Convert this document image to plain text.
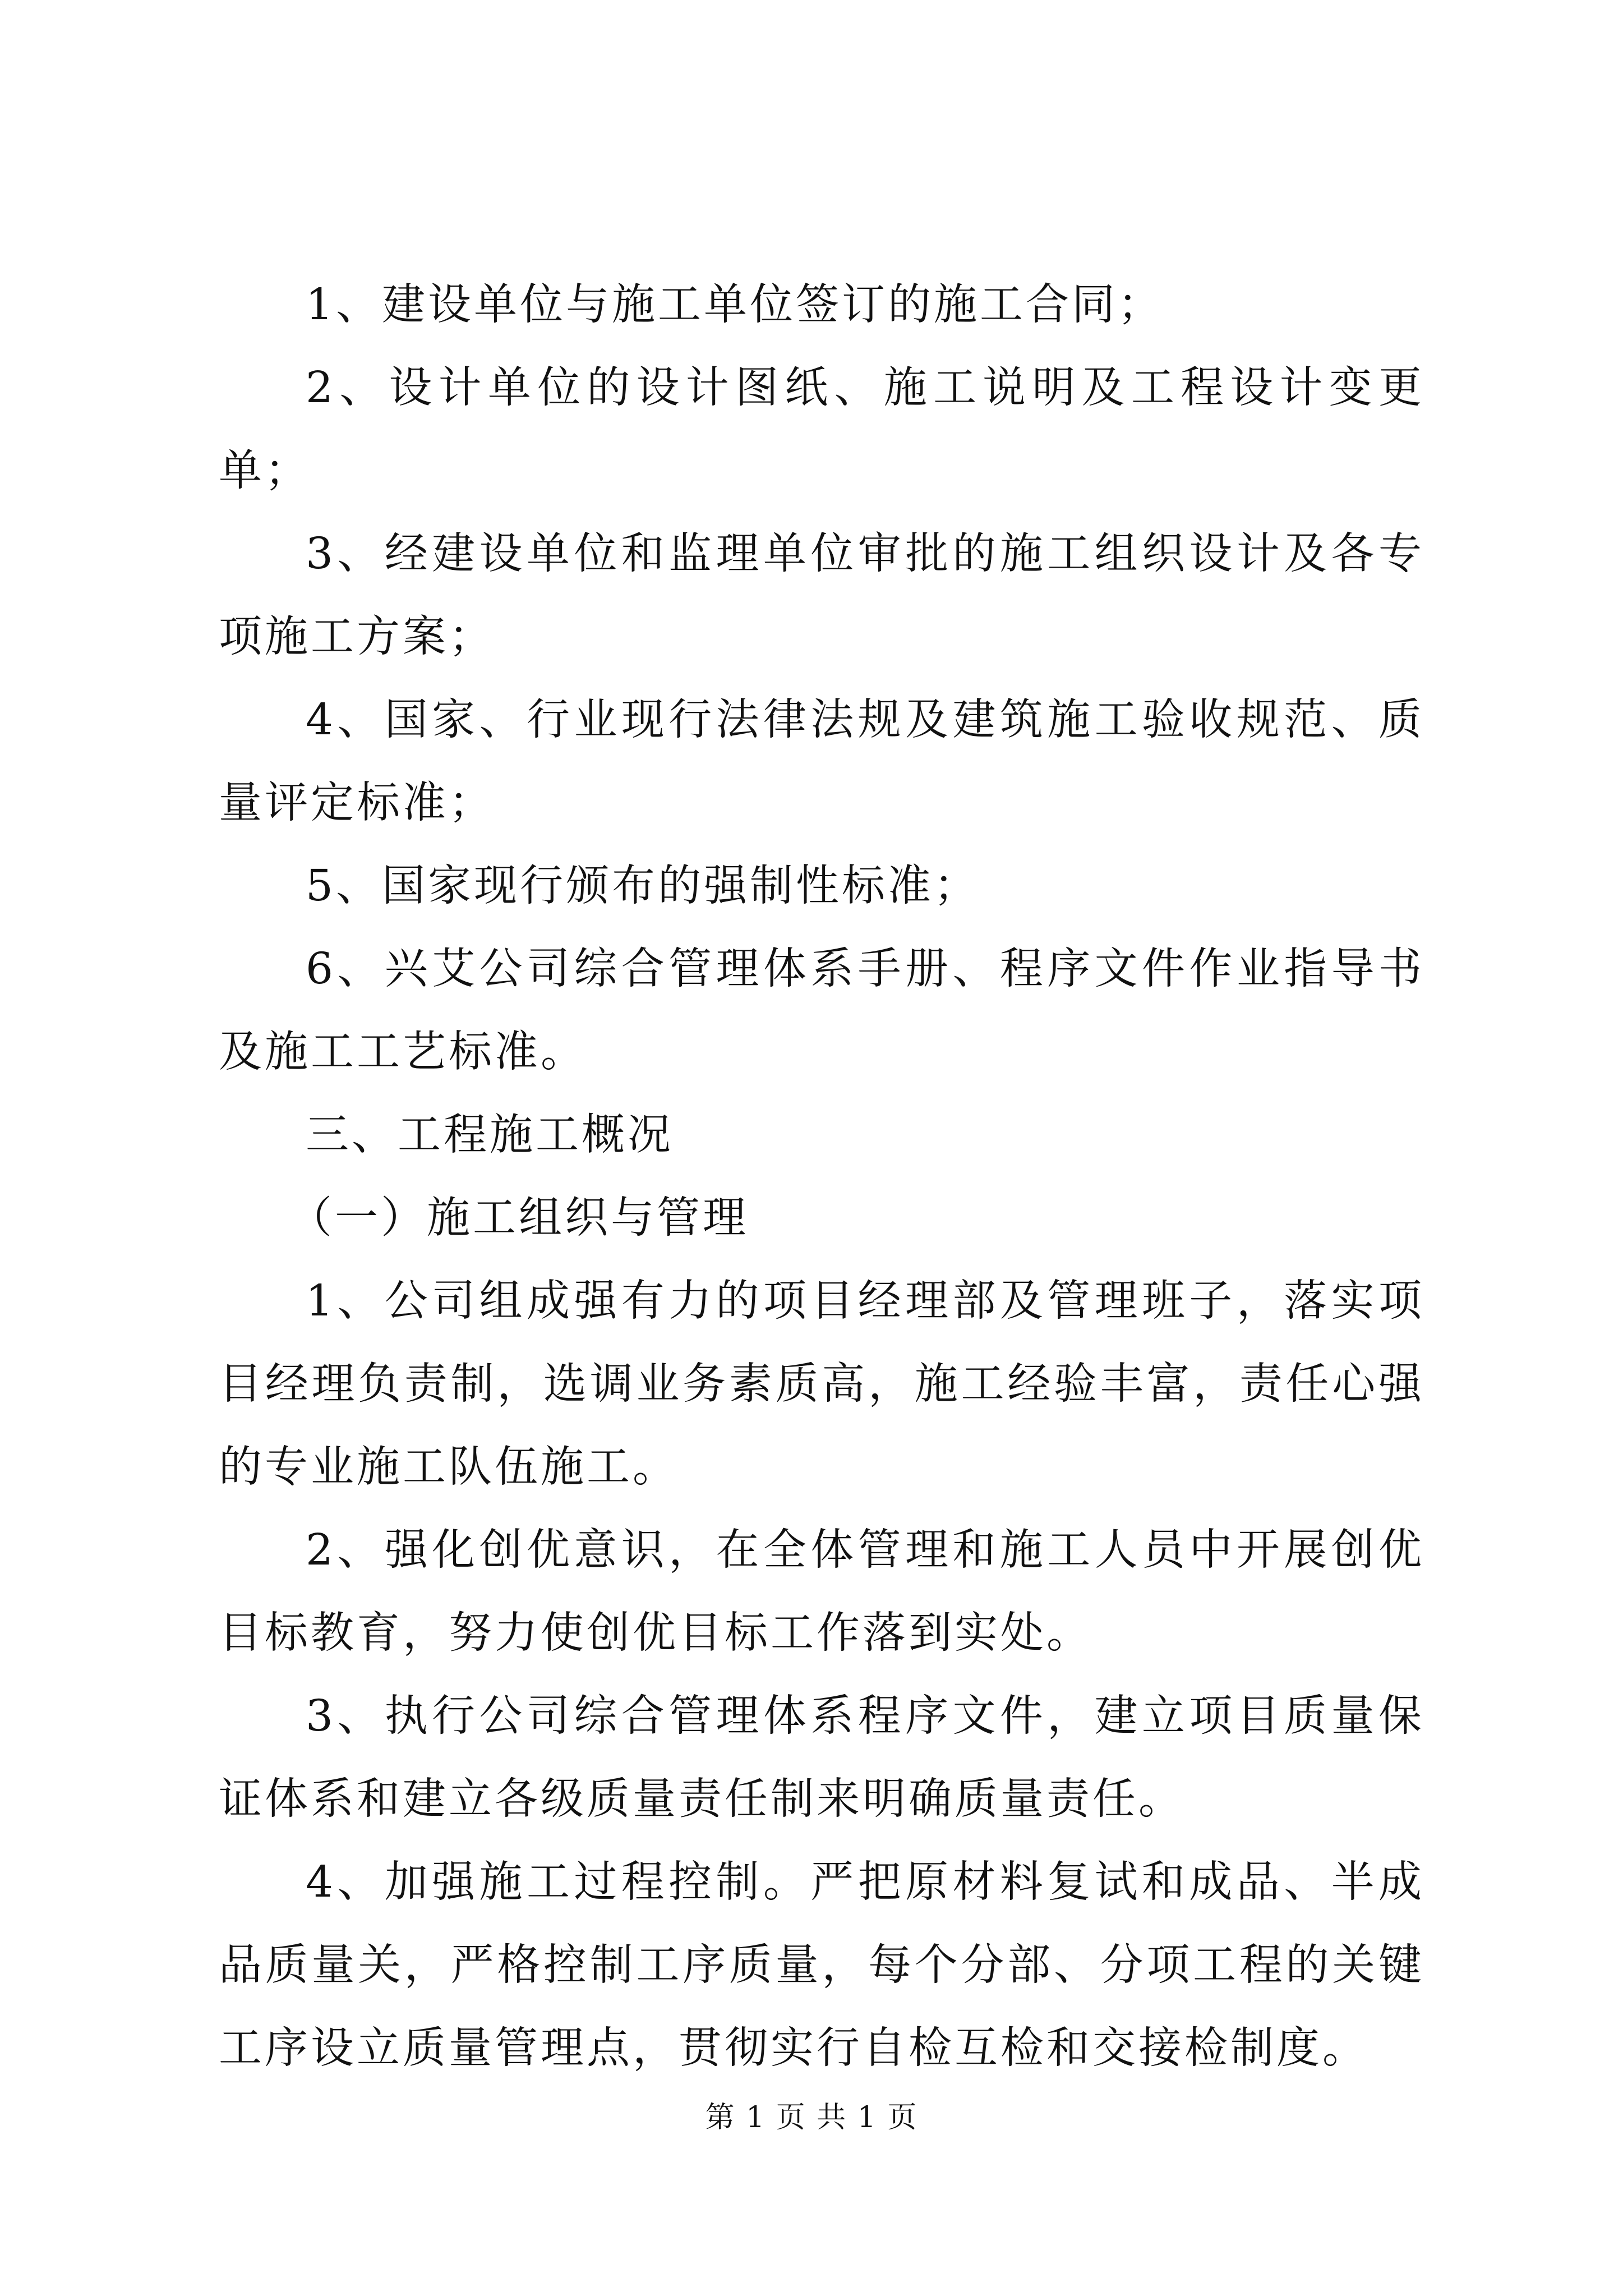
1、建设单位与施工单位签订的施工合同；

2、设计单位的设计图纸、施工说明及工程设计变更单；

3、经建设单位和监理单位审批的施工组织设计及各专项施工方案；

4、国家、行业现行法律法规及建筑施工验收规范、质量评定标准；

5、国家现行颁布的强制性标准；

6、兴艾公司综合管理体系手册、程序文件作业指导书及施工工艺标准。

三、工程施工概况

（一）施工组织与管理

1、公司组成强有力的项目经理部及管理班子，落实项目经理负责制，选调业务素质高，施工经验丰富，责任心强的专业施工队伍施工。

2、强化创优意识，在全体管理和施工人员中开展创优目标教育，努力使创优目标工作落到实处。

3、执行公司综合管理体系程序文件，建立项目质量保证体系和建立各级质量责任制来明确质量责任。

4、加强施工过程控制。严把原材料复试和成品、半成品质量关，严格控制工序质量，每个分部、分项工程的关键工序设立质量管理点，贯彻实行自检互检和交接检制度。

第 1 页 共 1 页
